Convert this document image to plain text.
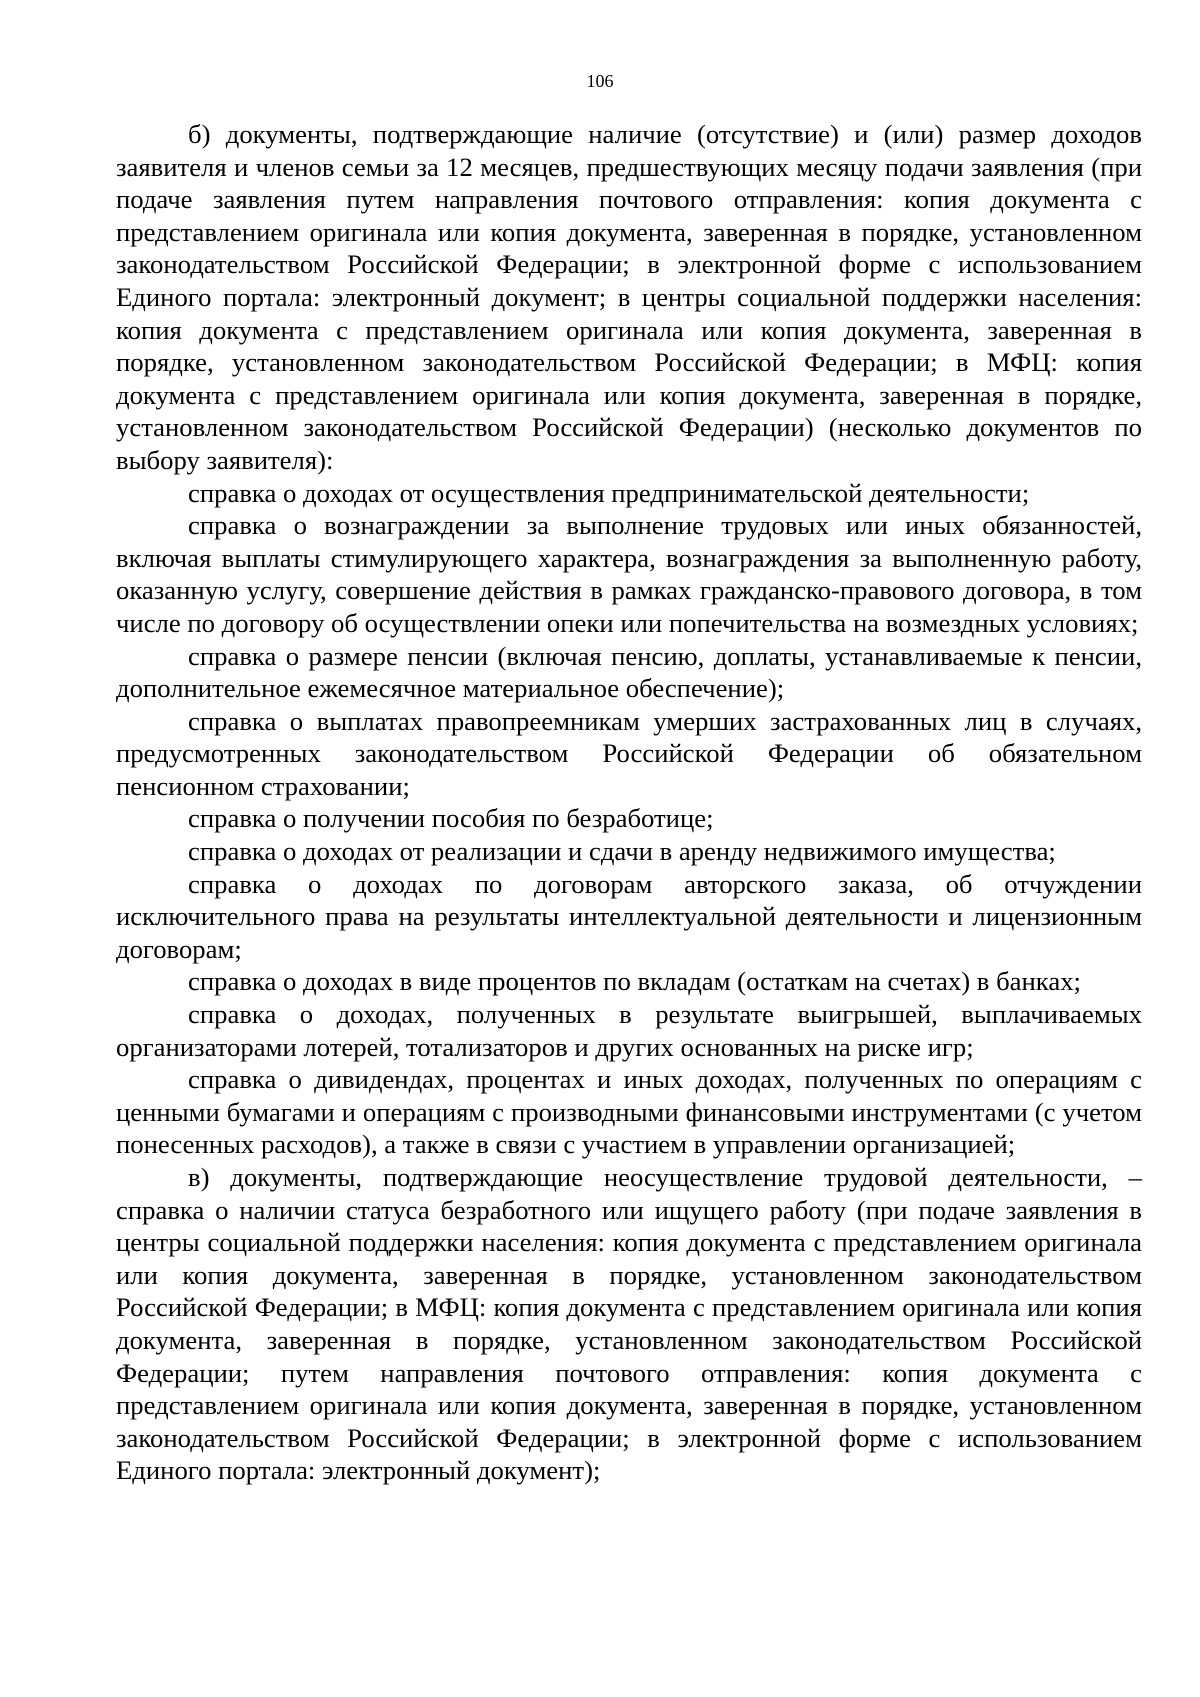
106

б) документы, подтверждающие наличие (отсутствие) и (или) размер доходов заявителя и членов семьи за 12 месяцев, предшествующих месяцу подачи заявления (при подаче заявления путем направления почтового отправления: копия документа с представлением оригинала или копия документа, заверенная в порядке, установленном законодательством Российской Федерации; в электронной форме с использованием Единого портала: электронный документ; в центры социальной поддержки населения: копия документа с представлением оригинала или копия документа, заверенная в порядке, установленном законодательством Российской Федерации; в МФЦ: копия документа с представлением оригинала или копия документа, заверенная в порядке, установленном законодательством Российской Федерации) (несколько документов по выбору заявителя):

справка о доходах от осуществления предпринимательской деятельности;

справка о вознаграждении за выполнение трудовых или иных обязанностей, включая выплаты стимулирующего характера, вознаграждения за выполненную работу, оказанную услугу, совершение действия в рамках гражданско-правового договора, в том числе по договору об осуществлении опеки или попечительства на возмездных условиях;

справка о размере пенсии (включая пенсию, доплаты, устанавливаемые к пенсии, дополнительное ежемесячное материальное обеспечение);

справка о выплатах правопреемникам умерших застрахованных лиц в случаях, предусмотренных законодательством Российской Федерации об обязательном пенсионном страховании;

справка о получении пособия по безработице;

справка о доходах от реализации и сдачи в аренду недвижимого имущества;

справка о доходах по договорам авторского заказа, об отчуждении исключительного права на результаты интеллектуальной деятельности и лицензионным договорам;

справка о доходах в виде процентов по вкладам (остаткам на счетах) в банках;

справка о доходах, полученных в результате выигрышей, выплачиваемых организаторами лотерей, тотализаторов и других основанных на риске игр;

справка о дивидендах, процентах и иных доходах, полученных по операциям с ценными бумагами и операциям с производными финансовыми инструментами (с учетом понесенных расходов), а также в связи с участием в управлении организацией;

в) документы, подтверждающие неосуществление трудовой деятельности, – справка о наличии статуса безработного или ищущего работу (при подаче заявления в центры социальной поддержки населения: копия документа с представлением оригинала или копия документа, заверенная в порядке, установленном законодательством Российской Федерации; в МФЦ: копия документа с представлением оригинала или копия документа, заверенная в порядке, установленном законодательством Российской Федерации; путем направления почтового отправления: копия документа с представлением оригинала или копия документа, заверенная в порядке, установленном законодательством Российской Федерации; в электронной форме с использованием Единого портала: электронный документ);
